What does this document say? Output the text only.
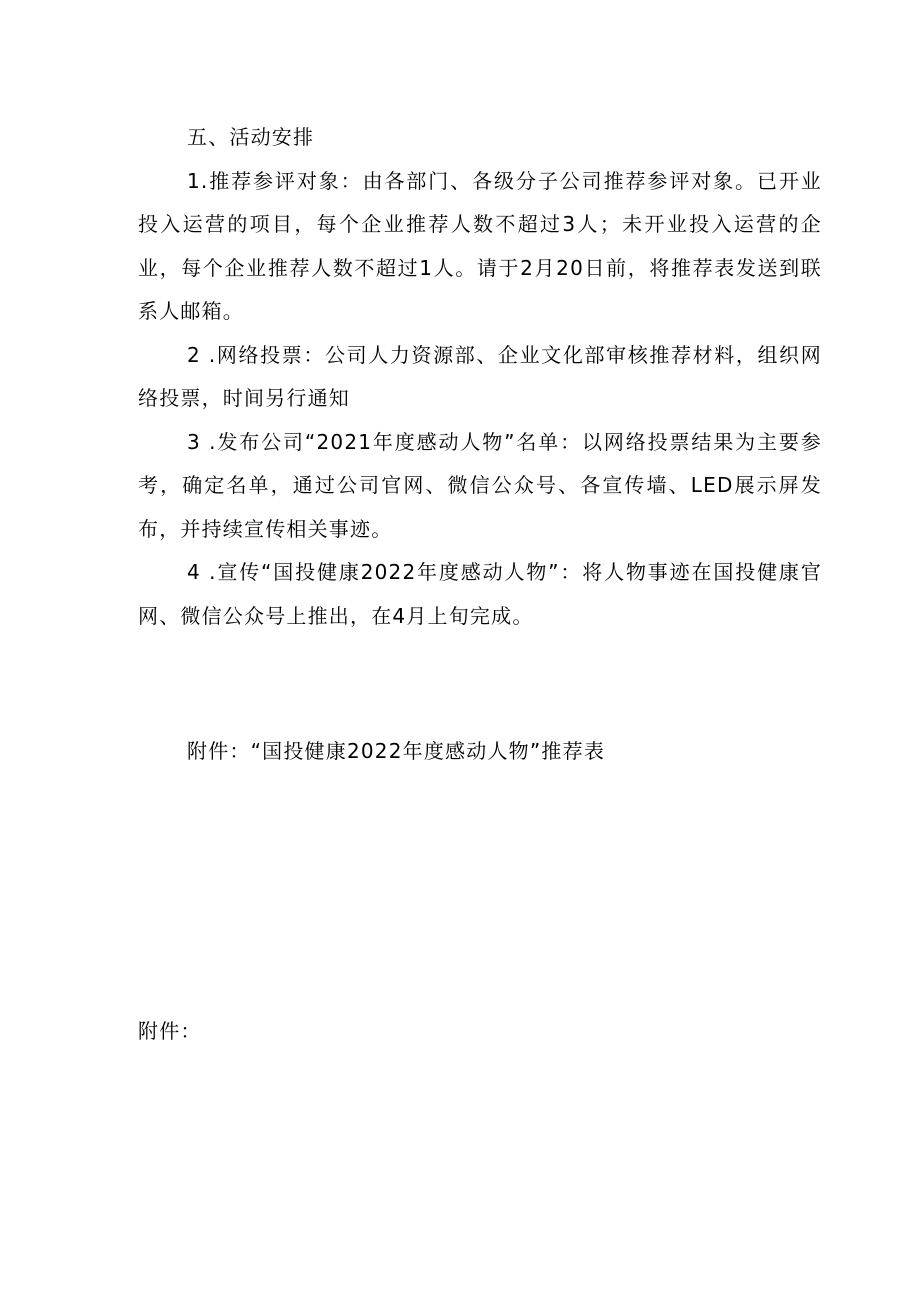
五、活动安排

1.推荐参评对象：由各部门、各级分子公司推荐参评对象。已开业投入运营的项目，每个企业推荐人数不超过3人；未开业投入运营的企业，每个企业推荐人数不超过1人。请于2月20日前，将推荐表发送到联系人邮箱。

2 .网络投票：公司人力资源部、企业文化部审核推荐材料，组织网络投票，时间另行通知

3 .发布公司“2021年度感动人物”名单：以网络投票结果为主要参考，确定名单，通过公司官网、微信公众号、各宣传墙、LED展示屏发布，并持续宣传相关事迹。

4 .宣传“国投健康2022年度感动人物”：将人物事迹在国投健康官网、微信公众号上推出，在4月上旬完成。

附件：“国投健康2022年度感动人物”推荐表

附件：
